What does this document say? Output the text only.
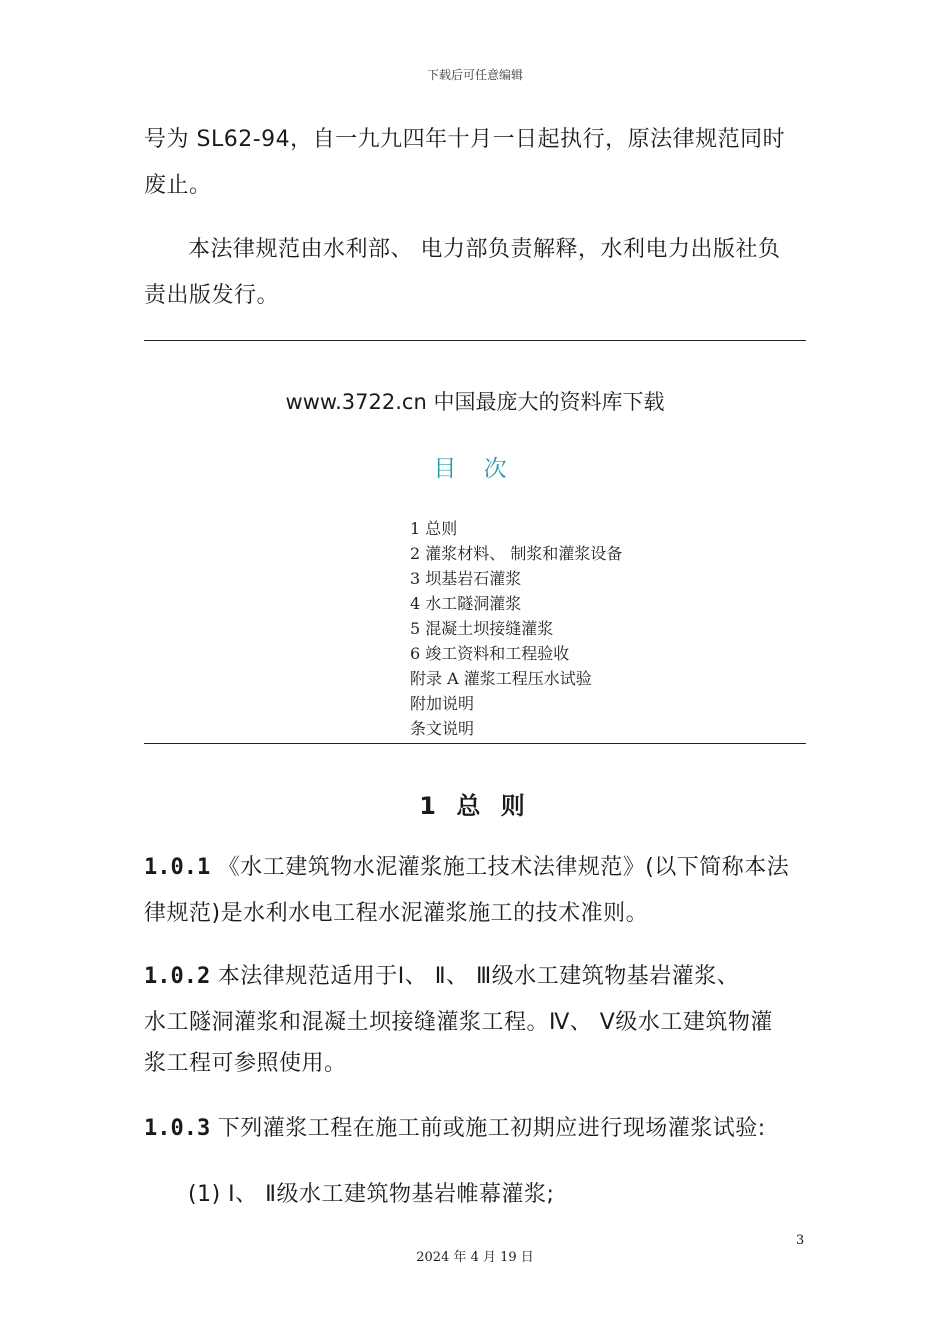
下载后可任意编辑
号为 SL62-94，自一九九四年十月一日起执行，原法律规范同时
废止。
本法律规范由水利部、 电力部负责解释，水利电力出版社负
责出版发行。
www.3722.cn 中国最庞大的资料库下载
目 次
1 总则
2 灌浆材料、 制浆和灌浆设备
3 坝基岩石灌浆
4 水工隧洞灌浆
5 混凝土坝接缝灌浆
6 竣工资料和工程验收
附录 A 灌浆工程压水试验
附加说明
条文说明
1 总 则
1.0.1 《水工建筑物水泥灌浆施工技术法律规范》(以下简称本法
律规范)是水利水电工程水泥灌浆施工的技术准则。
1.0.2 本法律规范适用于Ⅰ、 Ⅱ、 Ⅲ级水工建筑物基岩灌浆、
水工隧洞灌浆和混凝土坝接缝灌浆工程。Ⅳ、 Ⅴ级水工建筑物灌
浆工程可参照使用。
1.0.3 下列灌浆工程在施工前或施工初期应进行现场灌浆试验:
(1) Ⅰ、 Ⅱ级水工建筑物基岩帷幕灌浆;
3
2024 年 4 月 19 日
